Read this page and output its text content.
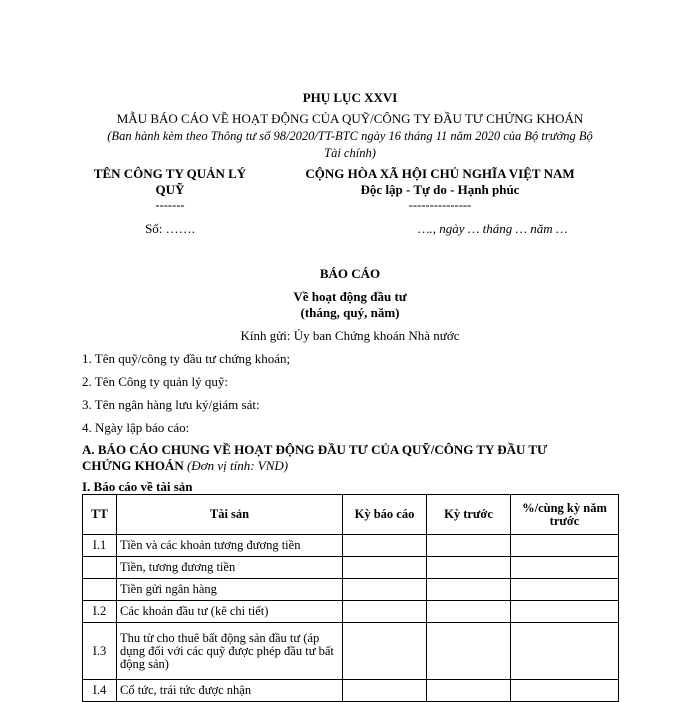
PHỤ LỤC XXVI
MẪU BÁO CÁO VỀ HOẠT ĐỘNG CỦA QUỸ/CÔNG TY ĐẦU TƯ CHỨNG KHOÁN
(Ban hành kèm theo Thông tư số 98/2020/TT-BTC ngày 16 tháng 11 năm 2020 của Bộ trưởng Bộ
Tài chính)
TÊN CÔNG TY QUẢN LÝ
QUỸ
-------
Số: …….
CỘNG HÒA XÃ HỘI CHỦ NGHĨA VIỆT NAM
Độc lập - Tự do - Hạnh phúc
---------------
…., ngày … tháng … năm …
BÁO CÁO
Về hoạt động đầu tư
(tháng, quý, năm)
Kính gửi: Ủy ban Chứng khoán Nhà nước
1. Tên quỹ/công ty đầu tư chứng khoán;
2. Tên Công ty quản lý quỹ:
3. Tên ngân hàng lưu ký/giám sát:
4. Ngày lập báo cáo:
A. BÁO CÁO CHUNG VỀ HOẠT ĐỘNG ĐẦU TƯ CỦA QUỸ/CÔNG TY ĐẦU TƯ
CHỨNG KHOÁN (Đơn vị tính: VND)
I. Báo cáo về tài sản
TT	Tài sản	Kỳ báo cáo	Kỳ trước	%/cùng kỳ năm trước
I.1	Tiền và các khoản tương đương tiền			
	Tiền, tương đương tiền			
	Tiền gửi ngân hàng			
I.2	Các khoản đầu tư (kê chi tiết)			
I.3	Thu từ cho thuê bất động sản đầu tư (áp dụng đối với các quỹ được phép đầu tư bất động sản)			
I.4	Cổ tức, trái tức được nhận			
